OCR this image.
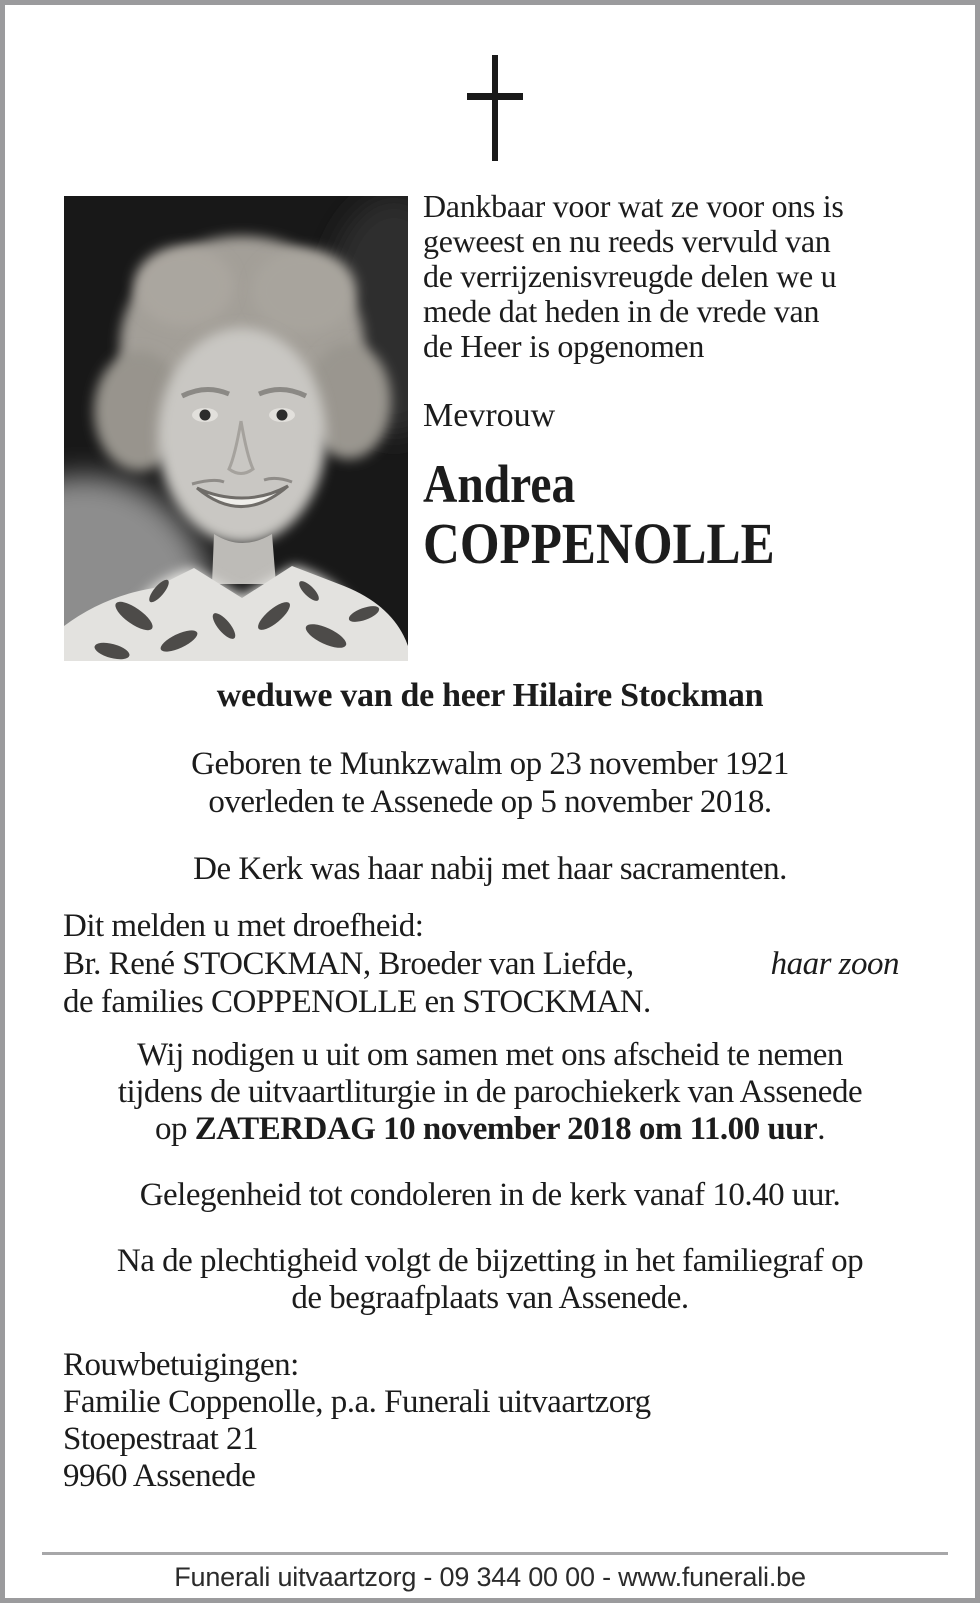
Dankbaar voor wat ze voor ons is
geweest en nu reeds vervuld van
de verrijzenisvreugde delen we u
mede dat heden in de vrede van
de Heer is opgenomen
Mevrouw
Andrea
COPPENOLLE
weduwe van de heer Hilaire Stockman
Geboren te Munkzwalm op 23 november 1921
overleden te Assenede op 5 november 2018.
De Kerk was haar nabij met haar sacramenten.
Dit melden u met droefheid:
Br. René STOCKMAN, Broeder van Liefde,	haar zoon
de families COPPENOLLE en STOCKMAN.
Wij nodigen u uit om samen met ons afscheid te nemen
tijdens de uitvaartliturgie in de parochiekerk van Assenede
op ZATERDAG 10 november 2018 om 11.00 uur.
Gelegenheid tot condoleren in de kerk vanaf 10.40 uur.
Na de plechtigheid volgt de bijzetting in het familiegraf op
de begraafplaats van Assenede.
Rouwbetuigingen:
Familie Coppenolle, p.a. Funerali uitvaartzorg
Stoepestraat 21
9960 Assenede
Funerali uitvaartzorg - 09 344 00 00 - www.funerali.be
